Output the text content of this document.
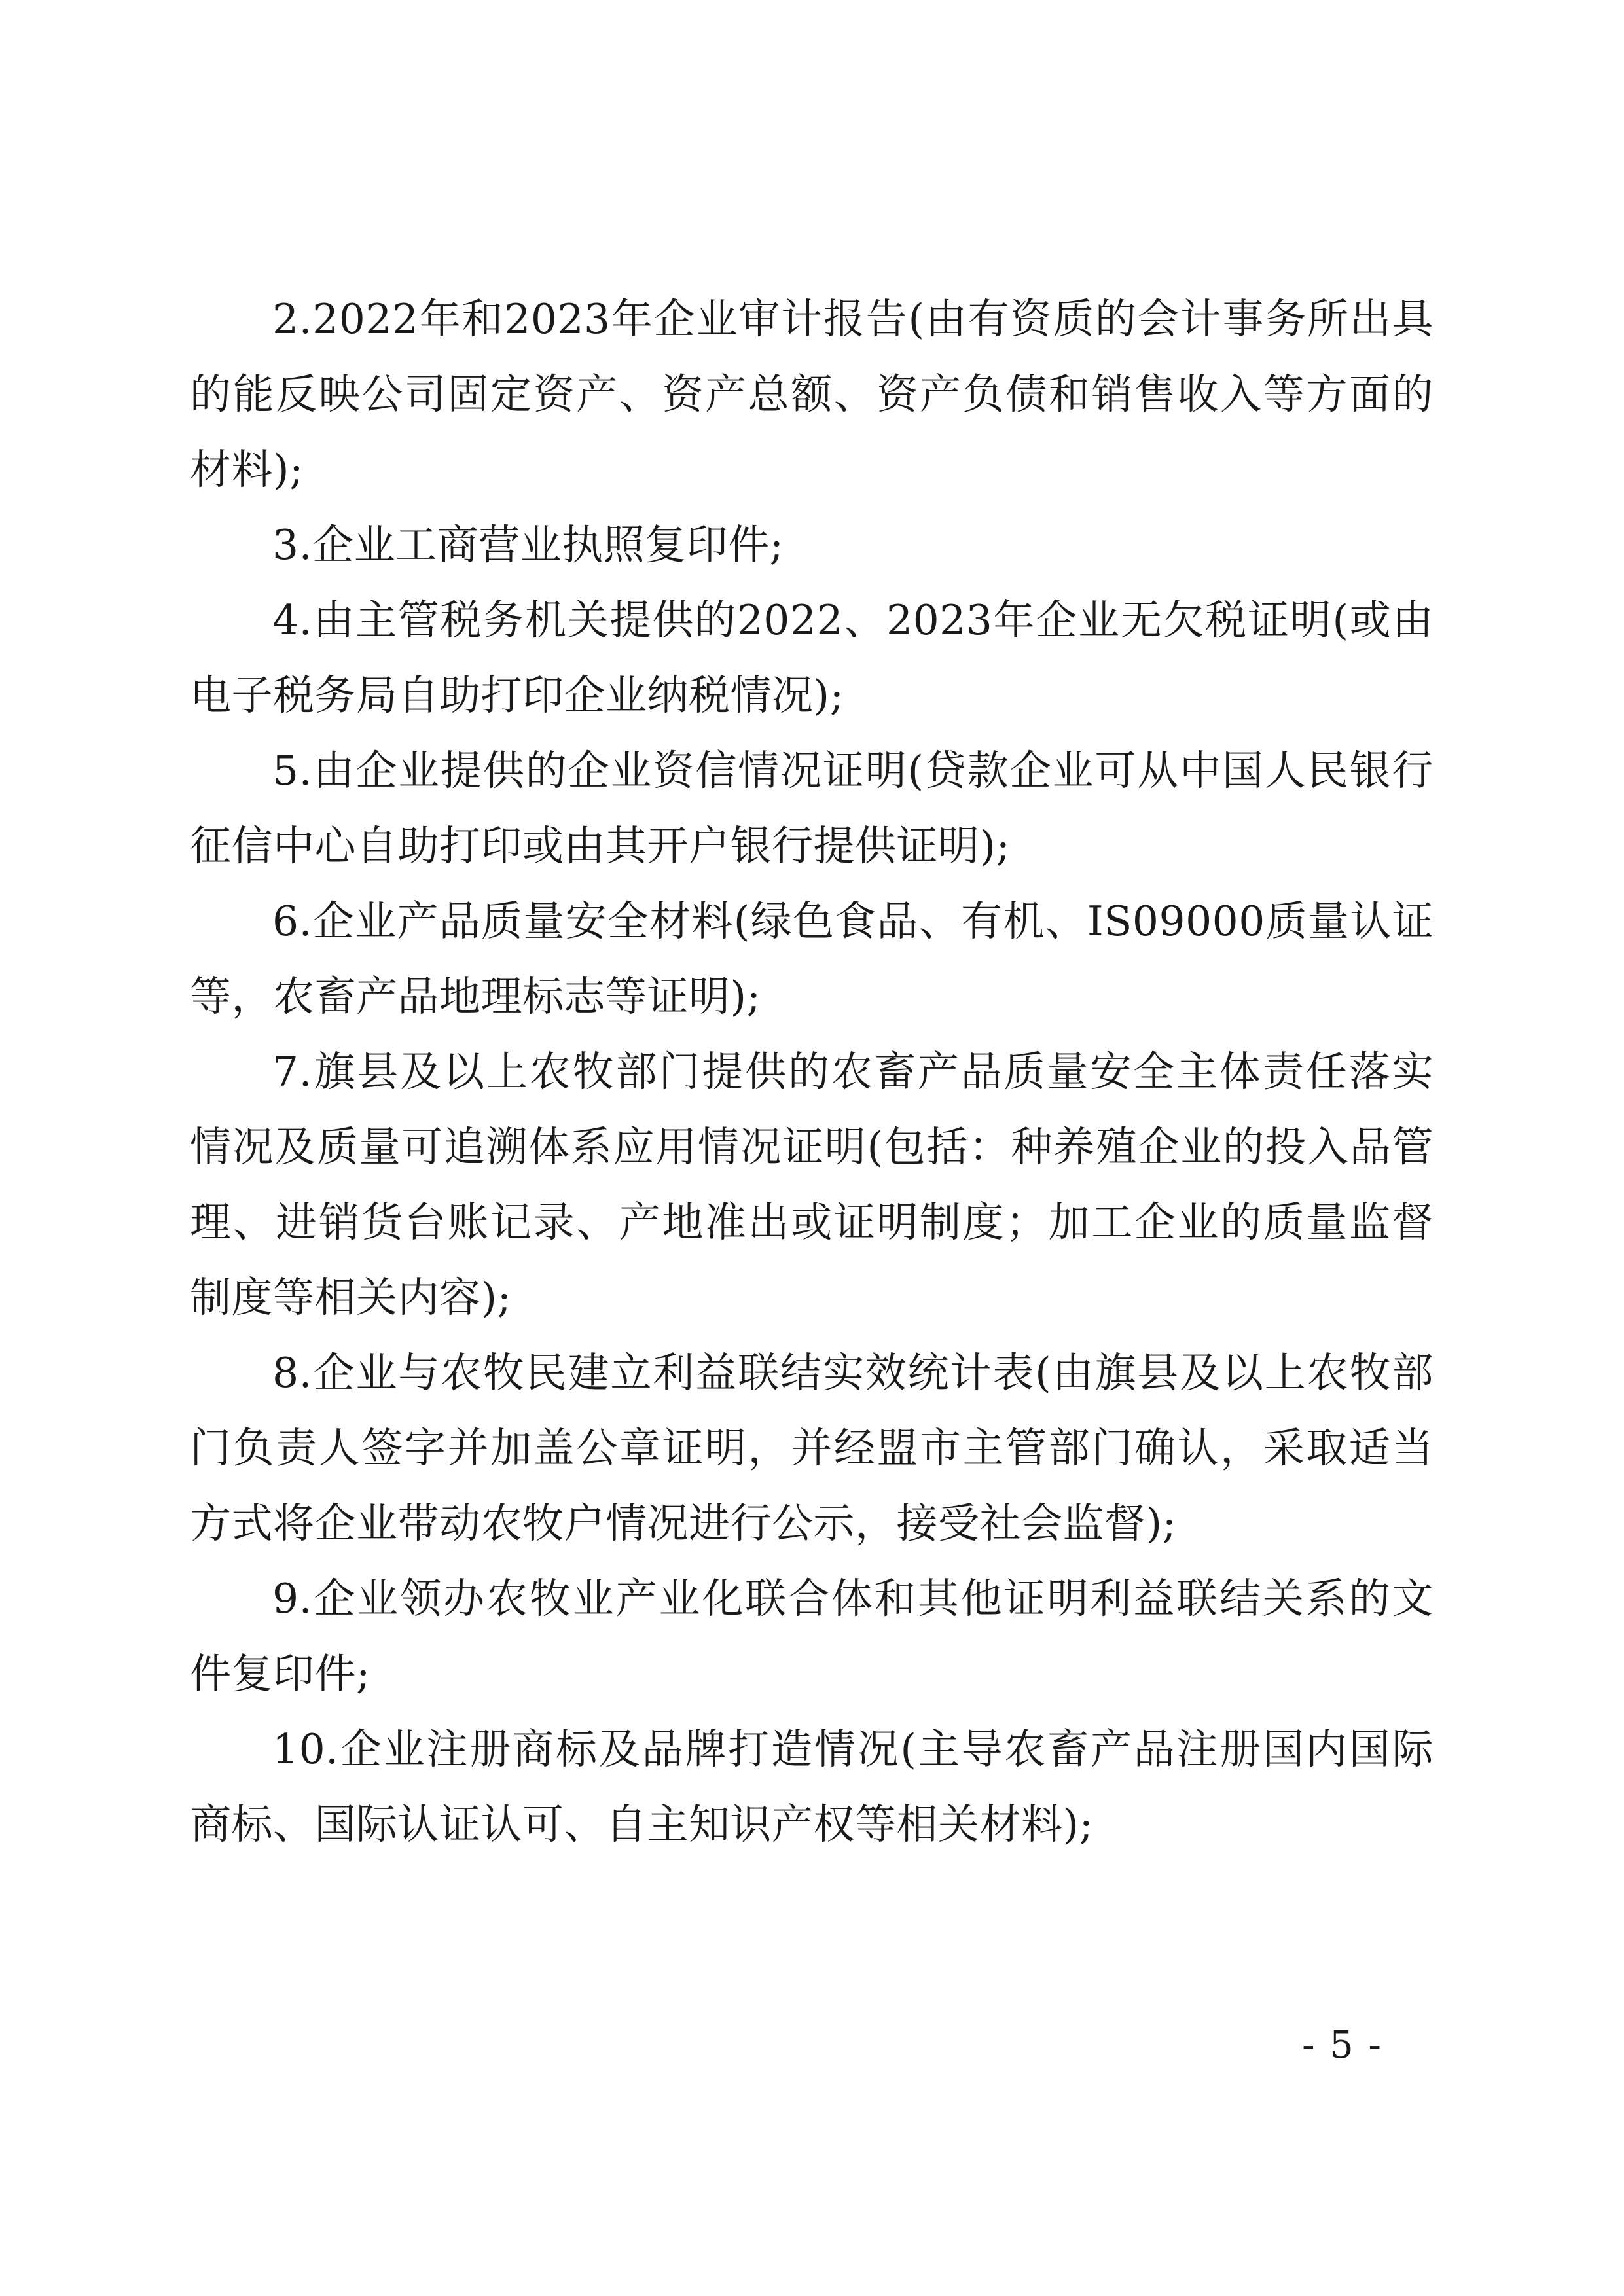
2.2022年和2023年企业审计报告(由有资质的会计事务所出具的能反映公司固定资产、资产总额、资产负债和销售收入等方面的材料);

3.企业工商营业执照复印件;

4.由主管税务机关提供的2022、2023年企业无欠税证明(或由电子税务局自助打印企业纳税情况);

5.由企业提供的企业资信情况证明(贷款企业可从中国人民银行征信中心自助打印或由其开户银行提供证明);

6.企业产品质量安全材料(绿色食品、有机、IS09000质量认证等，农畜产品地理标志等证明);

7.旗县及以上农牧部门提供的农畜产品质量安全主体责任落实情况及质量可追溯体系应用情况证明(包括：种养殖企业的投入品管理、进销货台账记录、产地准出或证明制度；加工企业的质量监督制度等相关内容);

8.企业与农牧民建立利益联结实效统计表(由旗县及以上农牧部门负责人签字并加盖公章证明，并经盟市主管部门确认，采取适当方式将企业带动农牧户情况进行公示，接受社会监督);

9.企业领办农牧业产业化联合体和其他证明利益联结关系的文件复印件;

10.企业注册商标及品牌打造情况(主导农畜产品注册国内国际商标、国际认证认可、自主知识产权等相关材料);

- 5 -
